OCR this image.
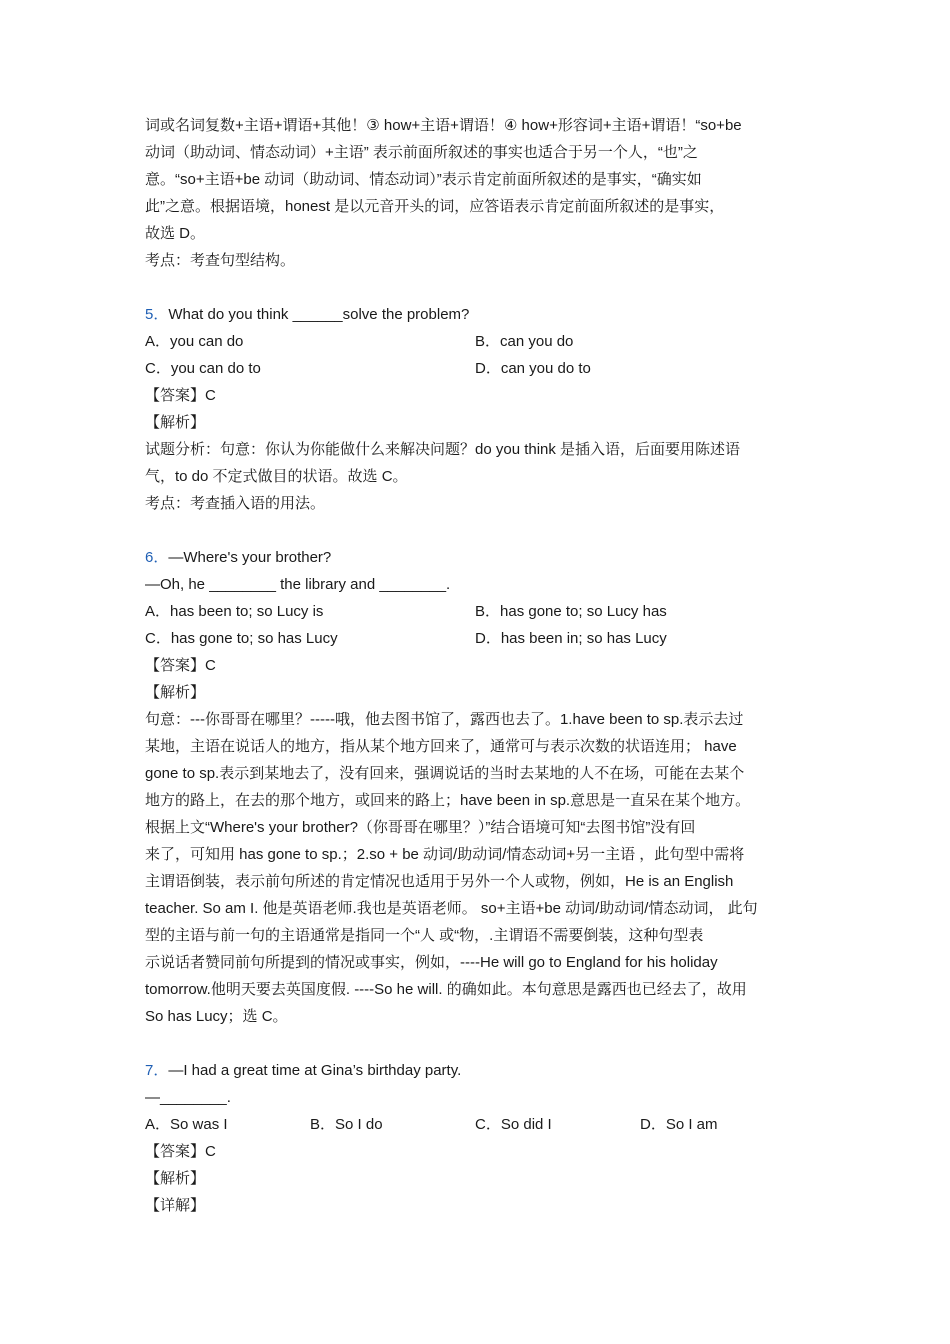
词或名词复数+主语+谓语+其他！③ how+主语+谓语！④ how+形容词+主语+谓语！“so+be
动词（助动词、情态动词）+主语” 表示前面所叙述的事实也适合于另一个人，“也”之
意。“so+主语+be 动词（助动词、情态动词）”表示肯定前面所叙述的是事实，“确实如
此”之意。根据语境，honest 是以元音开头的词，应答语表示肯定前面所叙述的是事实，
故选 D。
考点：考查句型结构。
5．What do you think ______solve the problem?
A．you can do	B．can you do
C．you can do to	D．can you do to
【答案】C
【解析】
试题分析：句意：你认为你能做什么来解决问题？do you think 是插入语，后面要用陈述语
气，to do 不定式做目的状语。故选 C。
考点：考查插入语的用法。
6．—Where's your brother?
—Oh, he ________ the library and ________.
A．has been to; so Lucy is	B．has gone to; so Lucy has
C．has gone to; so has Lucy	D．has been in; so has Lucy
【答案】C
【解析】
句意：---你哥哥在哪里？-----哦，他去图书馆了，露西也去了。1.have been to sp.表示去过
某地，主语在说话人的地方，指从某个地方回来了，通常可与表示次数的状语连用； have
gone to sp.表示到某地去了，没有回来，强调说话的当时去某地的人不在场，可能在去某个
地方的路上，在去的那个地方，或回来的路上；have been in sp.意思是一直呆在某个地方。
根据上文“Where's your brother?（你哥哥在哪里？）”结合语境可知“去图书馆”没有回
来了，可知用 has gone to sp.；2.so + be 动词/助动词/情态动词+另一主语 ，此句型中需将
主谓语倒装，表示前句所述的肯定情况也适用于另外一个人或物，例如，He is an English
teacher. So am I. 他是英语老师.我也是英语老师。 so+主语+be 动词/助动词/情态动词， 此句
型的主语与前一句的主语通常是指同一个“人 或“物，.主谓语不需要倒装，这种句型表
示说话者赞同前句所提到的情况或事实，例如，----He will go to England for his holiday
tomorrow.他明天要去英国度假. ----So he will. 的确如此。本句意思是露西也已经去了，故用
So has Lucy；选 C。
7．—I had a great time at Gina’s birthday party.
—________.
A．So was I	B．So I do	C．So did I	D．So I am
【答案】C
【解析】
【详解】
